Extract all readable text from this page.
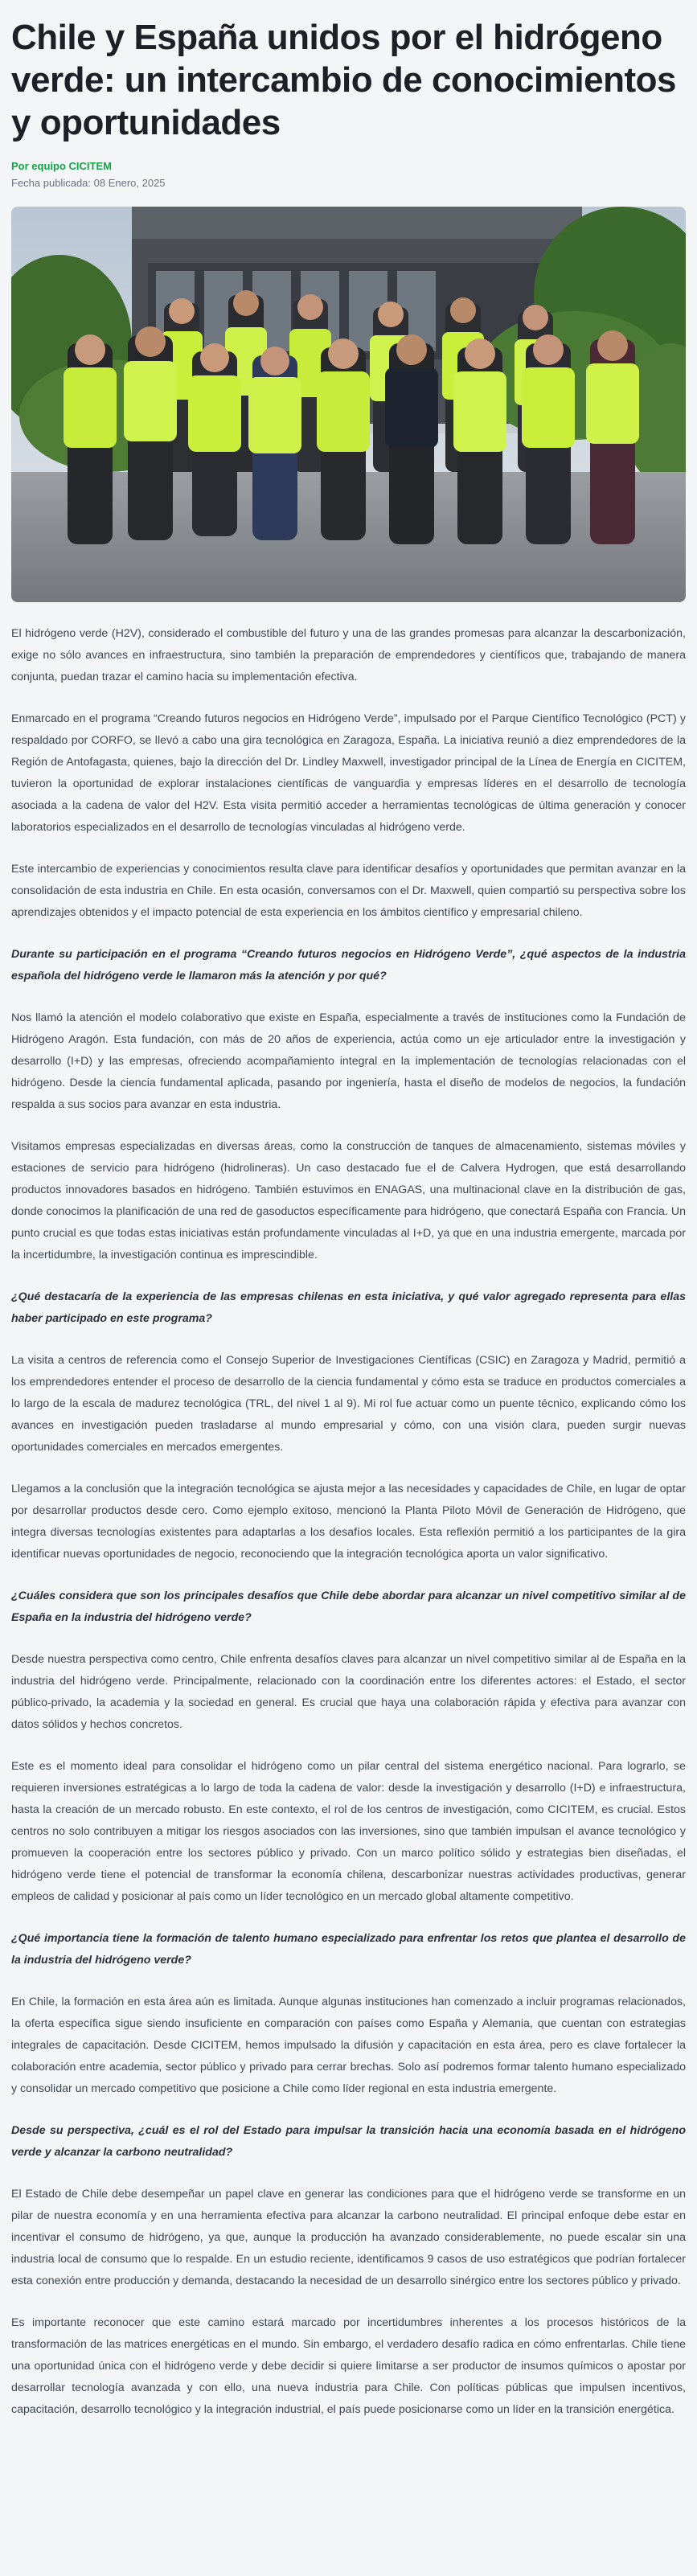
Chile y España unidos por el hidrógeno verde: un intercambio de conocimientos y oportunidades
Por equipo CICITEM
Fecha publicada: 08 Enero, 2025

El hidrógeno verde (H2V), considerado el combustible del futuro y una de las grandes promesas para alcanzar la descarbonización, exige no sólo avances en infraestructura, sino también la preparación de emprendedores y científicos que, trabajando de manera conjunta, puedan trazar el camino hacia su implementación efectiva.

Enmarcado en el programa “Creando futuros negocios en Hidrógeno Verde”, impulsado por el Parque Científico Tecnológico (PCT) y respaldado por CORFO, se llevó a cabo una gira tecnológica en Zaragoza, España. La iniciativa reunió a diez emprendedores de la Región de Antofagasta, quienes, bajo la dirección del Dr. Lindley Maxwell, investigador principal de la Línea de Energía en CICITEM, tuvieron la oportunidad de explorar instalaciones científicas de vanguardia y empresas líderes en el desarrollo de tecnología asociada a la cadena de valor del H2V. Esta visita permitió acceder a herramientas tecnológicas de última generación y conocer laboratorios especializados en el desarrollo de tecnologías vinculadas al hidrógeno verde.

Este intercambio de experiencias y conocimientos resulta clave para identificar desafíos y oportunidades que permitan avanzar en la consolidación de esta industria en Chile. En esta ocasión, conversamos con el Dr. Maxwell, quien compartió su perspectiva sobre los aprendizajes obtenidos y el impacto potencial de esta experiencia en los ámbitos científico y empresarial chileno.

Durante su participación en el programa “Creando futuros negocios en Hidrógeno Verde”, ¿qué aspectos de la industria española del hidrógeno verde le llamaron más la atención y por qué?

Nos llamó la atención el modelo colaborativo que existe en España, especialmente a través de instituciones como la Fundación de Hidrógeno Aragón. Esta fundación, con más de 20 años de experiencia, actúa como un eje articulador entre la investigación y desarrollo (I+D) y las empresas, ofreciendo acompañamiento integral en la implementación de tecnologías relacionadas con el hidrógeno. Desde la ciencia fundamental aplicada, pasando por ingeniería, hasta el diseño de modelos de negocios, la fundación respalda a sus socios para avanzar en esta industria.

Visitamos empresas especializadas en diversas áreas, como la construcción de tanques de almacenamiento, sistemas móviles y estaciones de servicio para hidrógeno (hidrolineras). Un caso destacado fue el de Calvera Hydrogen, que está desarrollando productos innovadores basados en hidrógeno. También estuvimos en ENAGAS, una multinacional clave en la distribución de gas, donde conocimos la planificación de una red de gasoductos específicamente para hidrógeno, que conectará España con Francia. Un punto crucial es que todas estas iniciativas están profundamente vinculadas al I+D, ya que en una industria emergente, marcada por la incertidumbre, la investigación continua es imprescindible.

¿Qué destacaría de la experiencia de las empresas chilenas en esta iniciativa, y qué valor agregado representa para ellas haber participado en este programa?

La visita a centros de referencia como el Consejo Superior de Investigaciones Científicas (CSIC) en Zaragoza y Madrid, permitió a los emprendedores entender el proceso de desarrollo de la ciencia fundamental y cómo esta se traduce en productos comerciales a lo largo de la escala de madurez tecnológica (TRL, del nivel 1 al 9). Mi rol fue actuar como un puente técnico, explicando cómo los avances en investigación pueden trasladarse al mundo empresarial y cómo, con una visión clara, pueden surgir nuevas oportunidades comerciales en mercados emergentes.

Llegamos a la conclusión que la integración tecnológica se ajusta mejor a las necesidades y capacidades de Chile, en lugar de optar por desarrollar productos desde cero. Como ejemplo exitoso, mencionó la Planta Piloto Móvil de Generación de Hidrógeno, que integra diversas tecnologías existentes para adaptarlas a los desafíos locales. Esta reflexión permitió a los participantes de la gira identificar nuevas oportunidades de negocio, reconociendo que la integración tecnológica aporta un valor significativo.

¿Cuáles considera que son los principales desafíos que Chile debe abordar para alcanzar un nivel competitivo similar al de España en la industria del hidrógeno verde?

Desde nuestra perspectiva como centro, Chile enfrenta desafíos claves para alcanzar un nivel competitivo similar al de España en la industria del hidrógeno verde. Principalmente, relacionado con la coordinación entre los diferentes actores: el Estado, el sector público-privado, la academia y la sociedad en general. Es crucial que haya una colaboración rápida y efectiva para avanzar con datos sólidos y hechos concretos.

Este es el momento ideal para consolidar el hidrógeno como un pilar central del sistema energético nacional. Para lograrlo, se requieren inversiones estratégicas a lo largo de toda la cadena de valor: desde la investigación y desarrollo (I+D) e infraestructura, hasta la creación de un mercado robusto. En este contexto, el rol de los centros de investigación, como CICITEM, es crucial. Estos centros no solo contribuyen a mitigar los riesgos asociados con las inversiones, sino que también impulsan el avance tecnológico y promueven la cooperación entre los sectores público y privado. Con un marco político sólido y estrategias bien diseñadas, el hidrógeno verde tiene el potencial de transformar la economía chilena, descarbonizar nuestras actividades productivas, generar empleos de calidad y posicionar al país como un líder tecnológico en un mercado global altamente competitivo.

¿Qué importancia tiene la formación de talento humano especializado para enfrentar los retos que plantea el desarrollo de la industria del hidrógeno verde?

En Chile, la formación en esta área aún es limitada. Aunque algunas instituciones han comenzado a incluir programas relacionados, la oferta específica sigue siendo insuficiente en comparación con países como España y Alemania, que cuentan con estrategias integrales de capacitación. Desde CICITEM, hemos impulsado la difusión y capacitación en esta área, pero es clave fortalecer la colaboración entre academia, sector público y privado para cerrar brechas. Solo así podremos formar talento humano especializado y consolidar un mercado competitivo que posicione a Chile como líder regional en esta industria emergente.

Desde su perspectiva, ¿cuál es el rol del Estado para impulsar la transición hacia una economía basada en el hidrógeno verde y alcanzar la carbono neutralidad?

El Estado de Chile debe desempeñar un papel clave en generar las condiciones para que el hidrógeno verde se transforme en un pilar de nuestra economía y en una herramienta efectiva para alcanzar la carbono neutralidad. El principal enfoque debe estar en incentivar el consumo de hidrógeno, ya que, aunque la producción ha avanzado considerablemente, no puede escalar sin una industria local de consumo que lo respalde. En un estudio reciente, identificamos 9 casos de uso estratégicos que podrían fortalecer esta conexión entre producción y demanda, destacando la necesidad de un desarrollo sinérgico entre los sectores público y privado.

Es importante reconocer que este camino estará marcado por incertidumbres inherentes a los procesos históricos de la transformación de las matrices energéticas en el mundo. Sin embargo, el verdadero desafío radica en cómo enfrentarlas. Chile tiene una oportunidad única con el hidrógeno verde y debe decidir si quiere limitarse a ser productor de insumos químicos o apostar por desarrollar tecnología avanzada y con ello, una nueva industria para Chile. Con políticas públicas que impulsen incentivos, capacitación, desarrollo tecnológico y la integración industrial, el país puede posicionarse como un líder en la transición energética.
